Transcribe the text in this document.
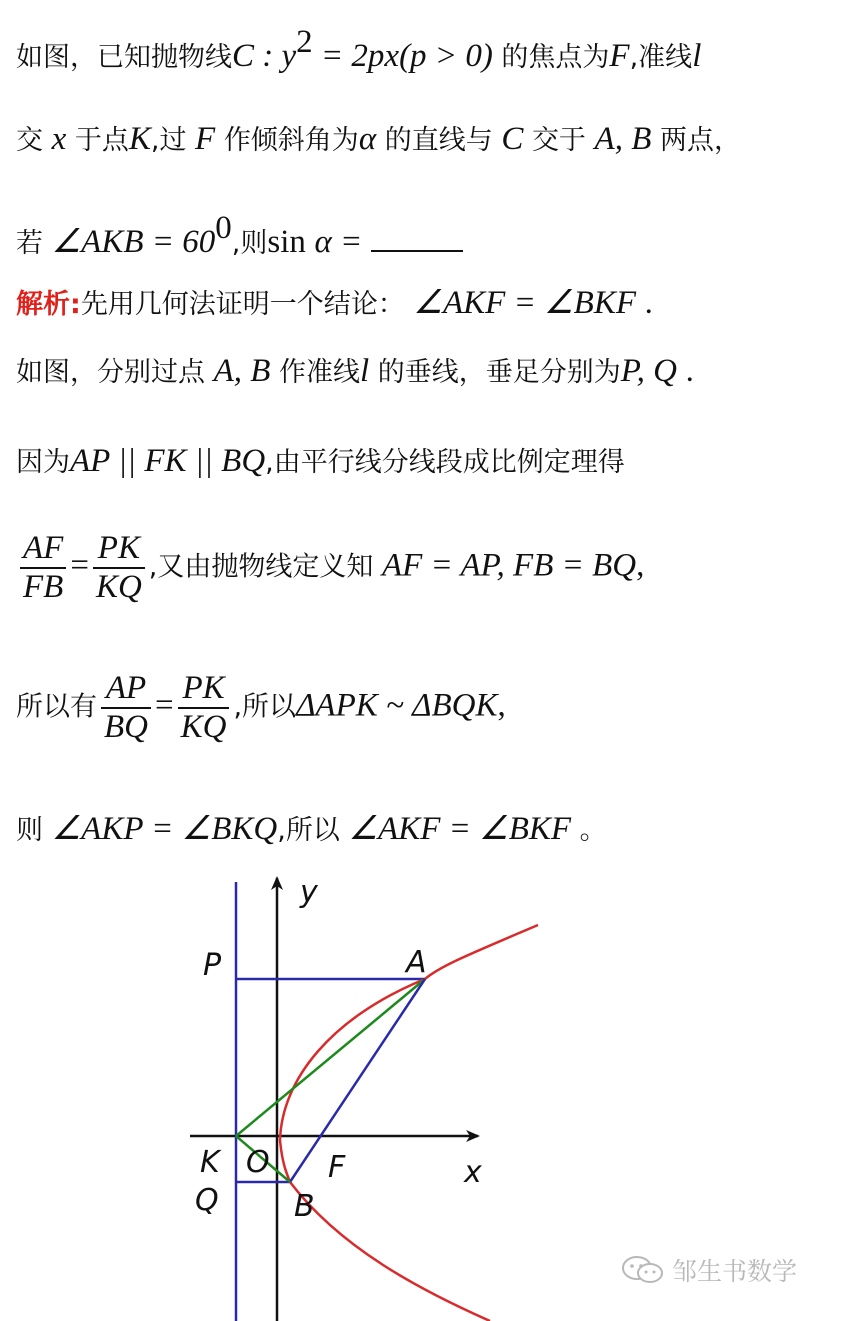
如图，已知抛物线C : $y^2 = 2px(p > 0)$ 的焦点为F,准线l
交 x 于点K,过 F 作倾斜角为α 的直线与 C 交于 A, B 两点，
若 ∠AKB = $60^0$,则sin α =
解析:先用几何法证明一个结论： ∠AKF = ∠BKF .
如图，分别过点 A, B 作准线l 的垂线，垂足分别为P, Q .
因为AP || FK || BQ,由平行线分线段成比例定理得
$\frac{AF}{FB} = \frac{PK}{KQ}$ ,又由抛物线定义知 AF = AP, FB = BQ,
所以有 $\frac{AP}{BQ} = \frac{PK}{KQ}$ ,所以ΔAPK ~ ΔBQK,
则 ∠AKP = ∠BKQ,所以 ∠AKF = ∠BKF 。
y
P	A
K O F	x
Q	B
邹生书数学
